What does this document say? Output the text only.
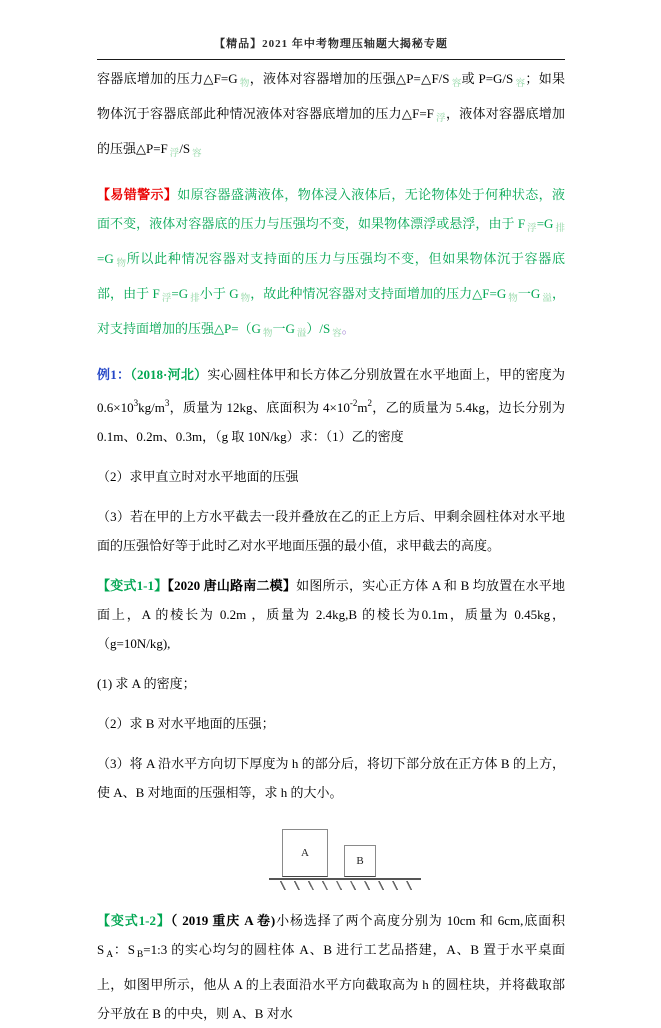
【精品】2021 年中考物理压轴题大揭秘专题

容器底增加的压力△F=G $_物$，液体对容器增加的压强△P=△F/S $_容$或 P=G/S $_容$；如果物体沉于容器底部此种情况液体对容器底增加的压力△F=F $_浮$，液体对容器底增加的压强△P=F $_浮$/S $_容$

【易错警示】如原容器盛满液体，物体浸入液体后，无论物体处于何种状态，液面不变，液体对容器底的压力与压强均不变，如果物体漂浮或悬浮，由于 F $_浮$=G $_排$=G $_物$所以此种情况容器对支持面的压力与压强均不变，但如果物体沉于容器底部，由于 F $_浮$=G $_排$小于 G $_物$，故此种情况容器对支持面增加的压力△F=G $_物$一G $_溢$，对支持面增加的压强△P=（G $_物$一G $_溢$）/S $_容$。

例1：（2018·河北）实心圆柱体甲和长方体乙分别放置在水平地面上，甲的密度为 $0.6\times 10^3kg/m^3$，质量为 12kg、底面积为 $4\times 10^{-2}m^2$，乙的质量为 5.4kg，边长分别为 0.1m、0.2m、0.3m，（g 取 10N/kg）求：（1）乙的密度

（2）求甲直立时对水平地面的压强

（3）若在甲的上方水平截去一段并叠放在乙的正上方后、甲剩余圆柱体对水平地面的压强恰好等于此时乙对水平地面压强的最小值，求甲截去的高度。

【变式1-1】【2020 唐山路南二模】如图所示，实心正方体 A 和 B 均放置在水平地面上，A 的棱长为 0.2m ，质量为 2.4kg,B 的棱长为0.1m，质量为 0.45kg，（g=10N/kg),

(1) 求 A 的密度；

（2）求 B 对水平地面的压强；

（3）将 A 沿水平方向切下厚度为 h 的部分后，将切下部分放在正方体 B 的上方，使 A、B 对地面的压强相等，求 h 的大小。

A
B

【变式1-2】（ 2019 重庆 A 卷)小杨选择了两个高度分别为 10cm 和 6cm,底面积 S $_A$：S $_B$=1:3 的实心均匀的圆柱体 A、B 进行工艺品搭建，A、B 置于水平桌面上，如图甲所示，他从 A 的上表面沿水平方向截取高为 h 的圆柱块，并将截取部分平放在 B 的中央，则 A、B 对水
